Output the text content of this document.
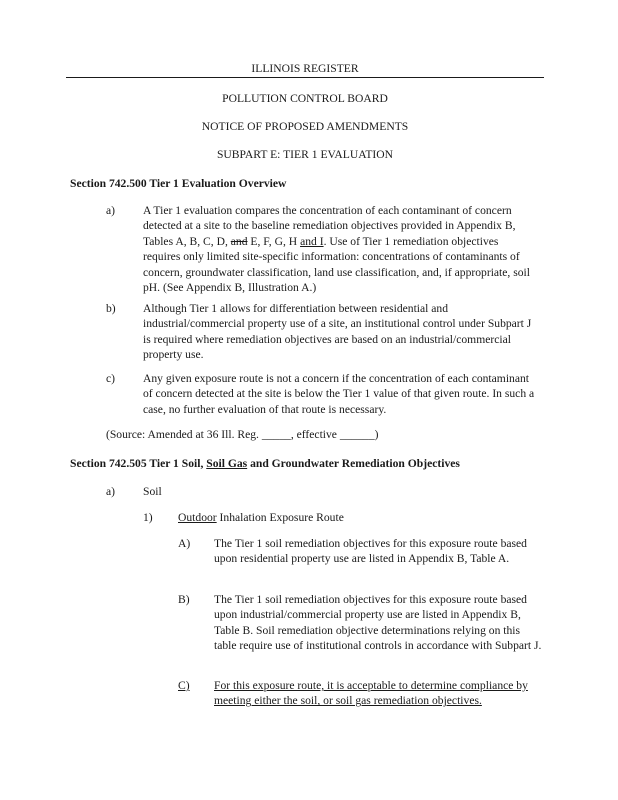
ILLINOIS REGISTER
POLLUTION CONTROL BOARD
NOTICE OF PROPOSED AMENDMENTS
SUBPART E: TIER 1 EVALUATION
Section 742.500 Tier 1 Evaluation Overview
a) A Tier 1 evaluation compares the concentration of each contaminant of concern detected at a site to the baseline remediation objectives provided in Appendix B, Tables A, B, C, D, and E, F, G, H and I. Use of Tier 1 remediation objectives requires only limited site-specific information: concentrations of contaminants of concern, groundwater classification, land use classification, and, if appropriate, soil pH. (See Appendix B, Illustration A.)
b) Although Tier 1 allows for differentiation between residential and industrial/commercial property use of a site, an institutional control under Subpart J is required where remediation objectives are based on an industrial/commercial property use.
c) Any given exposure route is not a concern if the concentration of each contaminant of concern detected at the site is below the Tier 1 value of that given route. In such a case, no further evaluation of that route is necessary.
(Source: Amended at 36 Ill. Reg. _____, effective ______)
Section 742.505 Tier 1 Soil, Soil Gas and Groundwater Remediation Objectives
a) Soil
1) Outdoor Inhalation Exposure Route
A) The Tier 1 soil remediation objectives for this exposure route based upon residential property use are listed in Appendix B, Table A.
B) The Tier 1 soil remediation objectives for this exposure route based upon industrial/commercial property use are listed in Appendix B, Table B. Soil remediation objective determinations relying on this table require use of institutional controls in accordance with Subpart J.
C) For this exposure route, it is acceptable to determine compliance by meeting either the soil, or soil gas remediation objectives.
